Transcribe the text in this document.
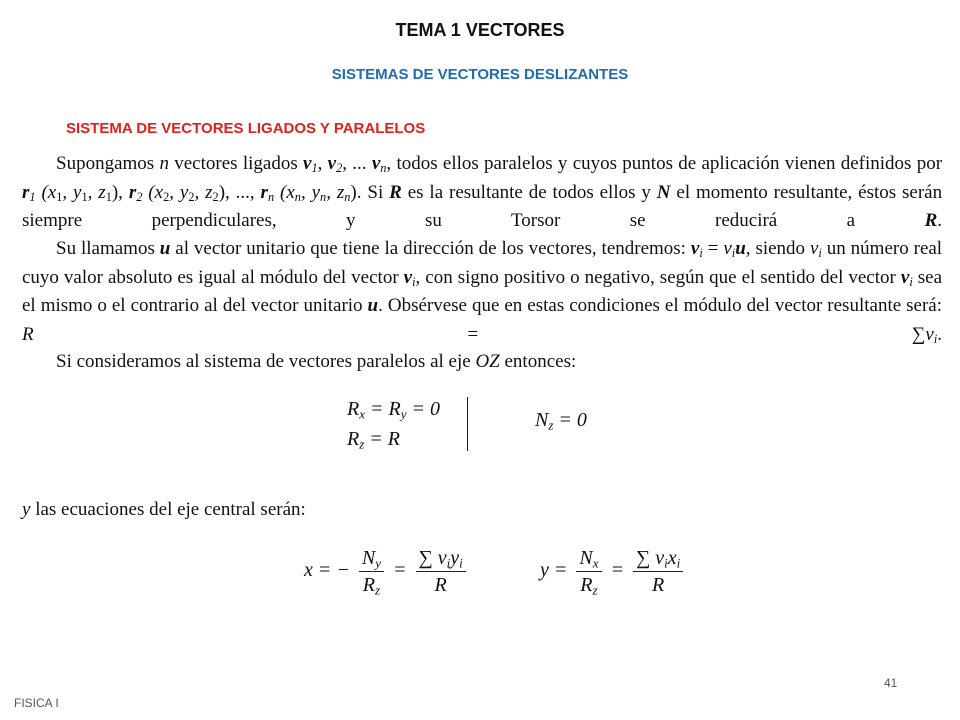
TEMA 1 VECTORES
SISTEMAS DE VECTORES DESLIZANTES
SISTEMA DE VECTORES LIGADOS Y PARALELOS

Supongamos n vectores ligados $v_1$, $v_2$, ... $v_n$, todos ellos paralelos y cuyos puntos de aplicación vienen definidos por $r_1$ ($x_1$, $y_1$, $z_1$), $r_2$ ($x_2$, $y_2$, $z_2$), ..., $r_n$ ($x_n$, $y_n$, $z_n$). Si R es la resultante de todos ellos y N el momento resultante, éstos serán siempre perpendiculares, y su Torsor se reducirá a	R.

Su llamamos u al vector unitario que tiene la dirección de los vectores, tendremos: $v_i = v_iu$, siendo $v_i$ un número real cuyo valor absoluto es igual al módulo del vector $v_i$, con signo positivo o negativo, según que el sentido del vector $v_i$ sea el mismo o el contrario al del vector unitario u. Obsérvese que en estas condiciones el módulo del vector resultante será: $R = \sum v_i$.

Si consideramos al sistema de vectores paralelos al eje OZ entonces:

$R_x = R_y = 0$
$R_z = R$
$N_z = 0$

y las ecuaciones del eje central serán:

x = − $\frac{N_y}{R_z} = \frac{\sum v_iy_i}{R}$	$y = \frac{N_x}{R_z} = \frac{\sum v_ix_i}{R}$
FISICA I
41
